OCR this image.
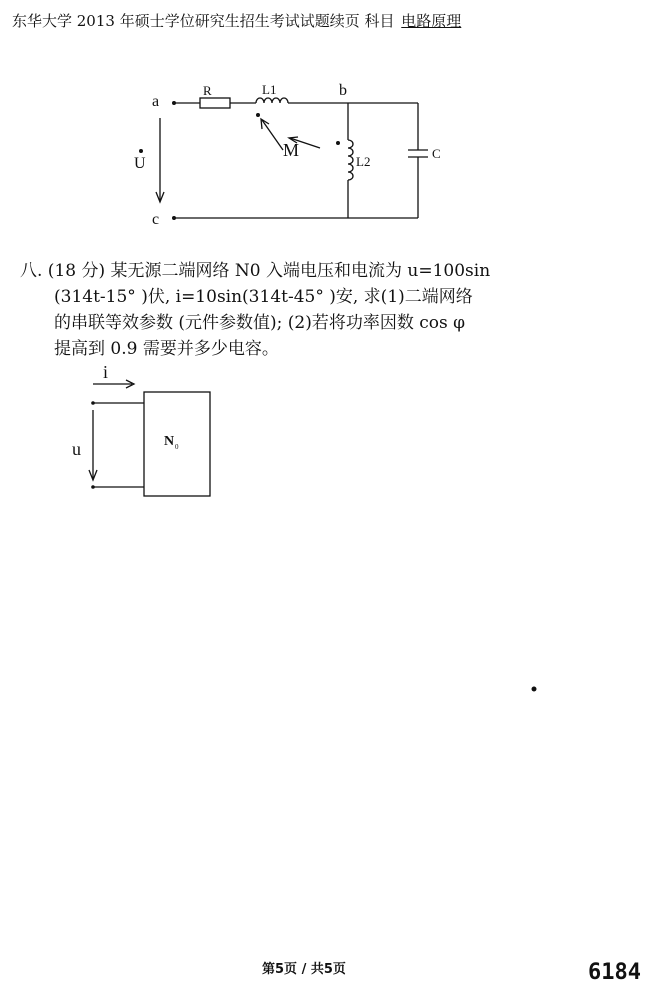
东华大学 2013 年硕士学位研究生招生考试试题续页 科目 电路原理
a
b
c
R	L1
L2
C
M
U
i
u	N 0
八. (18 分) 某无源二端网络 N0 入端电压和电流为 u=100sin
(314t-15° )伏, i=10sin(314t-45° )安, 求(1)二端网络
的串联等效参数 (元件参数值); (2)若将功率因数 cos φ
提高到 0.9 需要并多少电容。
第5页 / 共5页	6184
